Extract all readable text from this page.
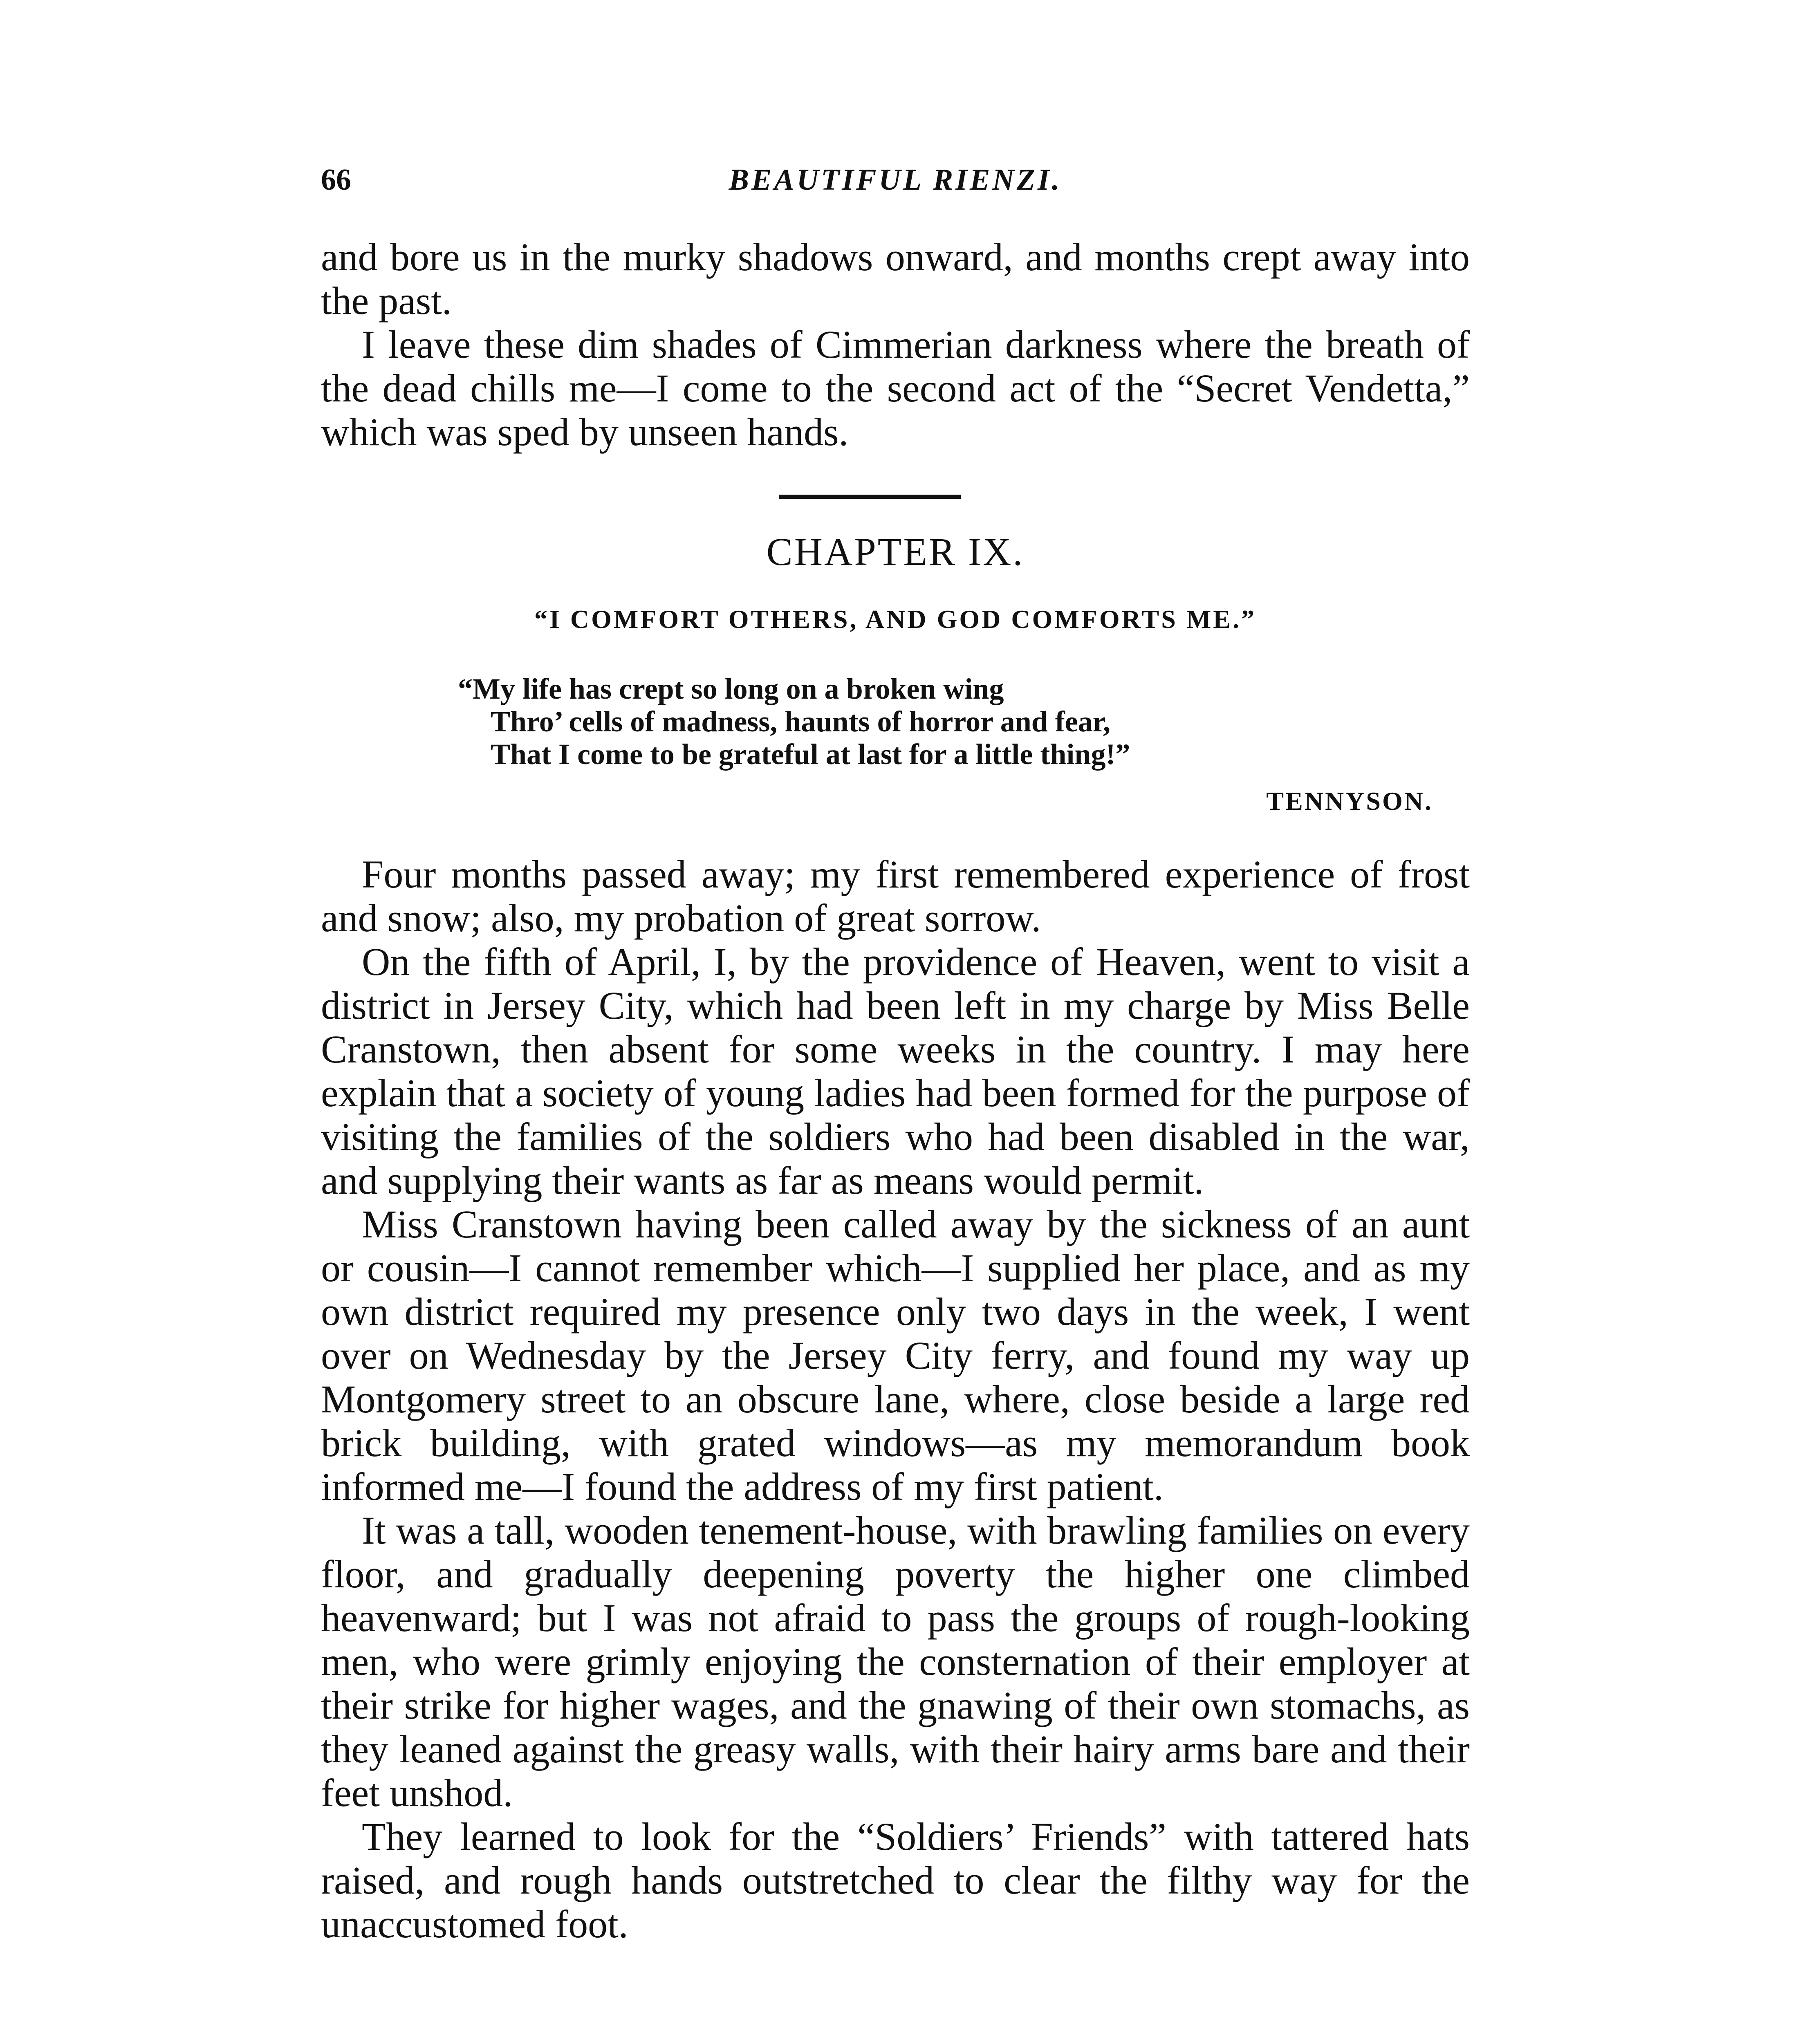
66	BEAUTIFUL RIENZI.

and bore us in the murky shadows onward, and months crept away into the past.

I leave these dim shades of Cimmerian darkness where the breath of the dead chills me—I come to the second act of the “Secret Vendetta,” which was sped by unseen hands.

CHAPTER IX.
“I COMFORT OTHERS, AND GOD COMFORTS ME.”
“My life has crept so long on a broken wing
Thro’ cells of madness, haunts of horror and fear,
That I come to be grateful at last for a little thing!”
TENNYSON.

Four months passed away; my first remembered experience of frost and snow; also, my probation of great sorrow.

On the fifth of April, I, by the providence of Heaven, went to visit a district in Jersey City, which had been left in my charge by Miss Belle Cranstown, then absent for some weeks in the country. I may here explain that a society of young ladies had been formed for the purpose of visiting the families of the soldiers who had been disabled in the war, and supplying their wants as far as means would permit.

Miss Cranstown having been called away by the sickness of an aunt or cousin—I cannot remember which—I supplied her place, and as my own district required my presence only two days in the week, I went over on Wednesday by the Jersey City ferry, and found my way up Montgomery street to an obscure lane, where, close beside a large red brick building, with grated windows—as my memorandum book informed me—I found the address of my first patient.

It was a tall, wooden tenement-house, with brawling families on every floor, and gradually deepening poverty the higher one climbed heavenward; but I was not afraid to pass the groups of rough-looking men, who were grimly enjoying the consternation of their employer at their strike for higher wages, and the gnawing of their own stomachs, as they leaned against the greasy walls, with their hairy arms bare and their feet unshod.

They learned to look for the “Soldiers’ Friends” with tattered hats raised, and rough hands outstretched to clear the filthy way for the unaccustomed foot.
